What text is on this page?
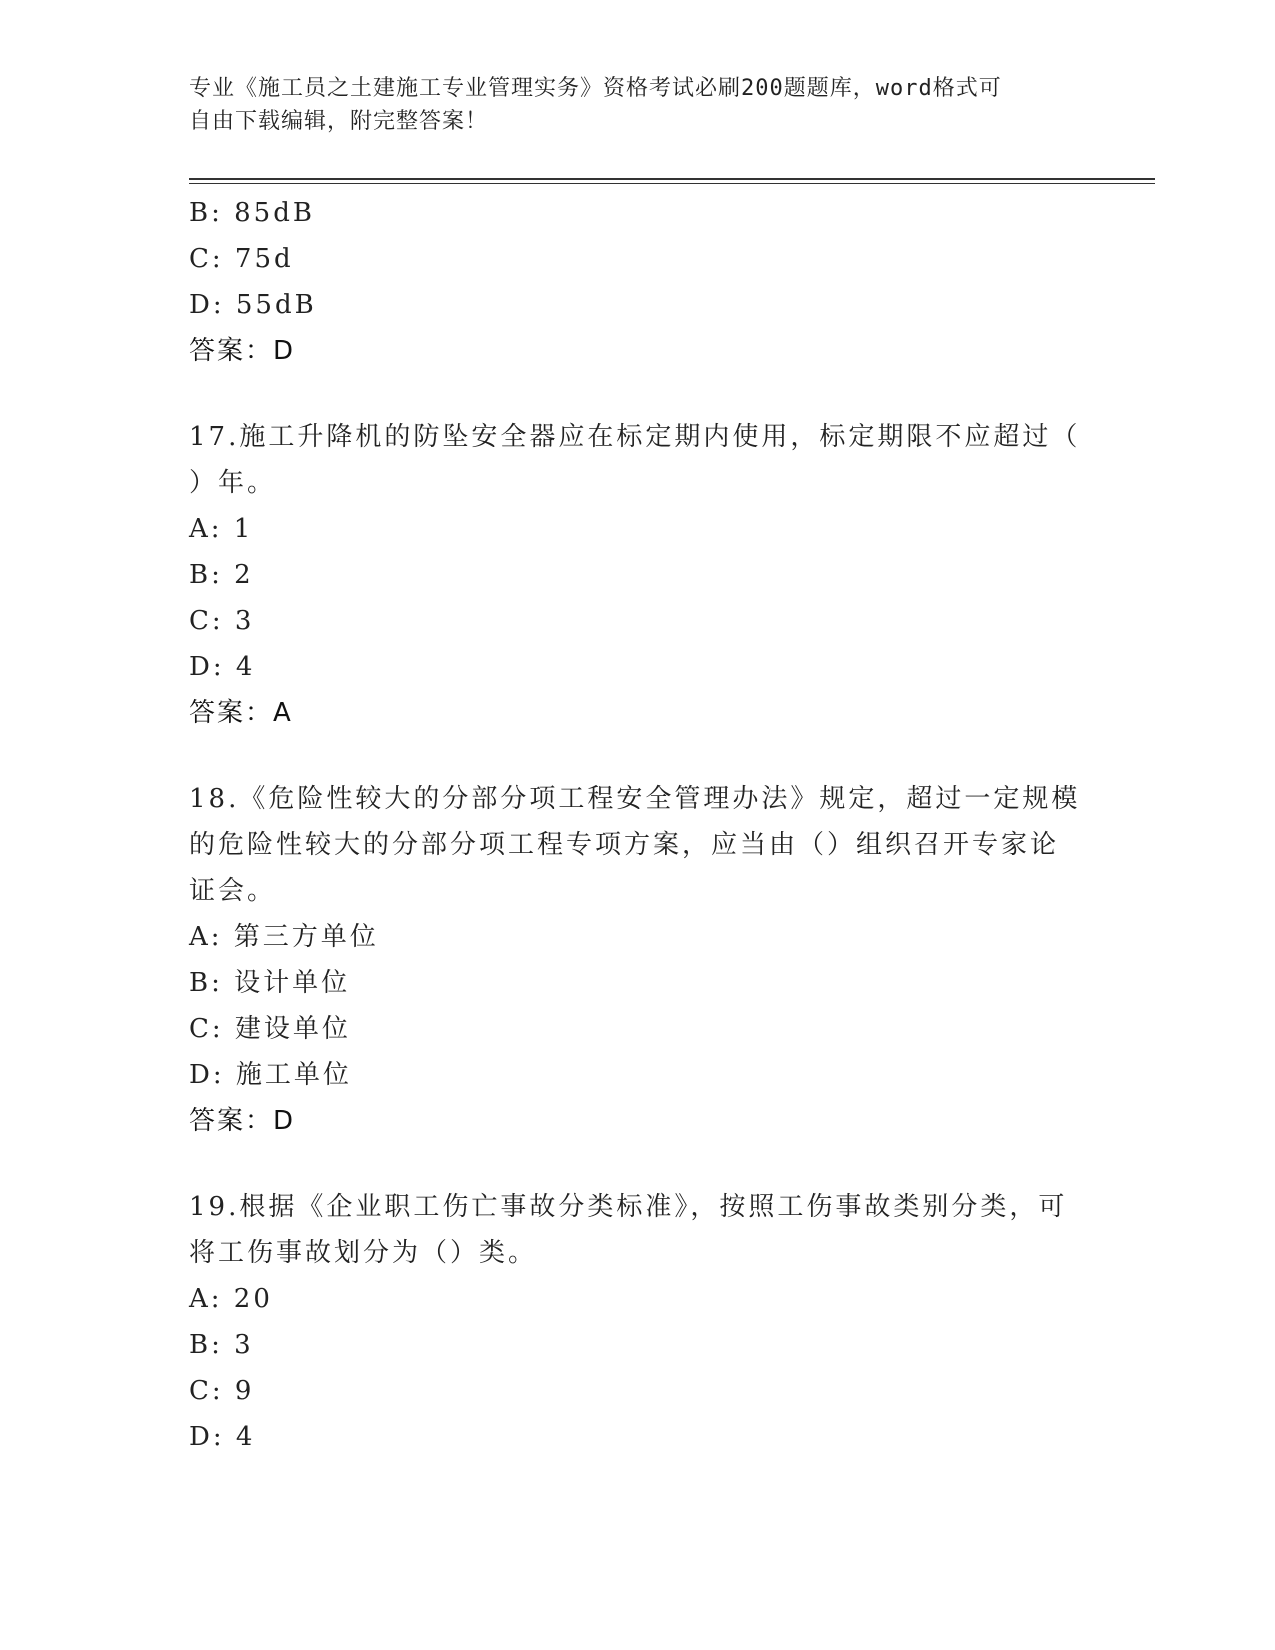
专业《施工员之土建施工专业管理实务》资格考试必刷200题题库，word格式可
自由下载编辑，附完整答案！
B: 85dB
C: 75d
D: 55dB
答案：D
17.施工升降机的防坠安全器应在标定期内使用，标定期限不应超过（
）年。
A: 1
B: 2
C: 3
D: 4
答案：A
18.《危险性较大的分部分项工程安全管理办法》规定，超过一定规模
的危险性较大的分部分项工程专项方案，应当由（）组织召开专家论
证会。
A: 第三方单位
B: 设计单位
C: 建设单位
D: 施工单位
答案：D
19.根据《企业职工伤亡事故分类标准》，按照工伤事故类别分类，可
将工伤事故划分为（）类。
A: 20
B: 3
C: 9
D: 4
